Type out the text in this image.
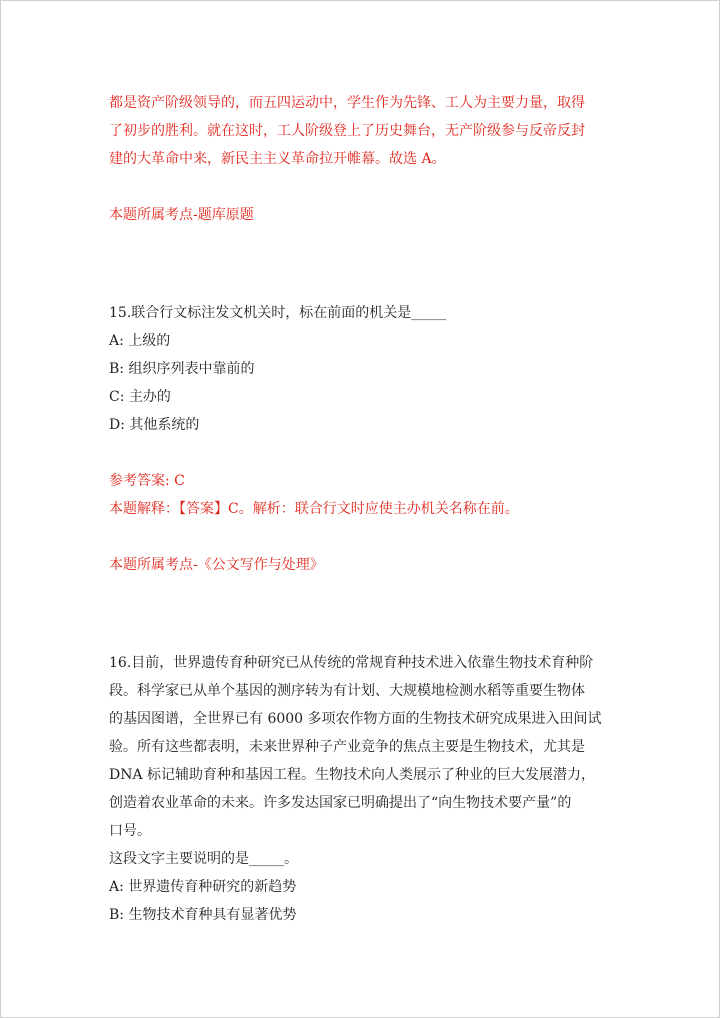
都是资产阶级领导的，而五四运动中，学生作为先锋、工人为主要力量，取得
了初步的胜利。就在这时，工人阶级登上了历史舞台，无产阶级参与反帝反封
建的大革命中来，新民主主义革命拉开帷幕。故选 A。
本题所属考点-题库原题
15.联合行文标注发文机关时，标在前面的机关是_____
A: 上级的
B: 组织序列表中靠前的
C: 主办的
D: 其他系统的
参考答案: C
本题解释：【答案】C。解析：联合行文时应使主办机关名称在前。
本题所属考点-《公文写作与处理》
16.目前，世界遗传育种研究已从传统的常规育种技术进入依靠生物技术育种阶
段。科学家已从单个基因的测序转为有计划、大规模地检测水稻等重要生物体
的基因图谱，全世界已有 6000 多项农作物方面的生物技术研究成果进入田间试
验。所有这些都表明，未来世界种子产业竞争的焦点主要是生物技术，尤其是
DNA 标记辅助育种和基因工程。生物技术向人类展示了种业的巨大发展潜力，
创造着农业革命的未来。许多发达国家已明确提出了“向生物技术要产量”的
口号。
这段文字主要说明的是_____。
A: 世界遗传育种研究的新趋势
B: 生物技术育种具有显著优势
